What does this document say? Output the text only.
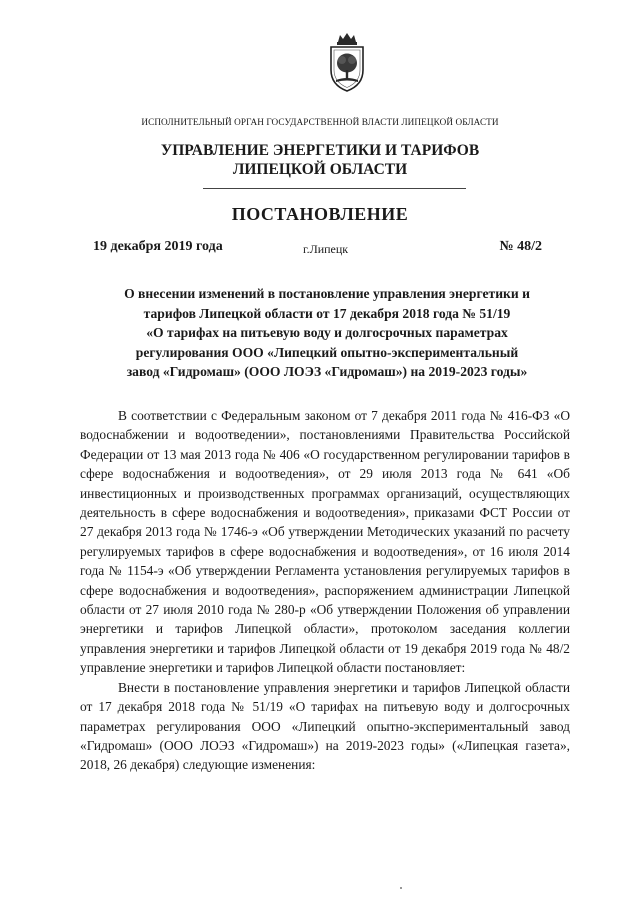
ИСПОЛНИТЕЛЬНЫЙ ОРГАН ГОСУДАРСТВЕННОЙ ВЛАСТИ ЛИПЕЦКОЙ ОБЛАСТИ
УПРАВЛЕНИЕ ЭНЕРГЕТИКИ И ТАРИФОВ
ЛИПЕЦКОЙ ОБЛАСТИ
ПОСТАНОВЛЕНИЕ
19 декабря 2019 года	г.Липецк	№ 48/2
О внесении изменений в постановление управления энергетики и
тарифов Липецкой области от 17 декабря 2018 года № 51/19
«О тарифах на питьевую воду и долгосрочных параметрах
регулирования ООО «Липецкий опытно-экспериментальный
завод «Гидромаш» (ООО ЛОЭЗ «Гидромаш») на 2019-2023 годы»

В соответствии с Федеральным законом от 7 декабря 2011 года № 416-ФЗ «О водоснабжении и водоотведении», постановлениями Правительства Российской Федерации от 13 мая 2013 года № 406 «О государственном регулировании тарифов в сфере водоснабжения и водоотведения», от 29 июля 2013 года № 641 «Об инвестиционных и производственных программах организаций, осуществляющих деятельность в сфере водоснабжения и водоотведения», приказами ФСТ России от 27 декабря 2013 года № 1746-э «Об утверждении Методических указаний по расчету регулируемых тарифов в сфере водоснабжения и водоотведения», от 16 июля 2014 года № 1154-э «Об утверждении Регламента установления регулируемых тарифов в сфере водоснабжения и водоотведения», распоряжением администрации Липецкой области от 27 июля 2010 года № 280-р «Об утверждении Положения об управлении энергетики и тарифов Липецкой области», протоколом заседания коллегии управления энергетики и тарифов Липецкой области от 19 декабря 2019 года № 48/2 управление энергетики и тарифов Липецкой области постановляет:

Внести в постановление управления энергетики и тарифов Липецкой области от 17 декабря 2018 года № 51/19 «О тарифах на питьевую воду и долгосрочных параметрах регулирования ООО «Липецкий опытно-экспериментальный завод «Гидромаш» (ООО ЛОЭЗ «Гидромаш») на 2019-2023 годы» («Липецкая газета», 2018, 26 декабря) следующие изменения:
